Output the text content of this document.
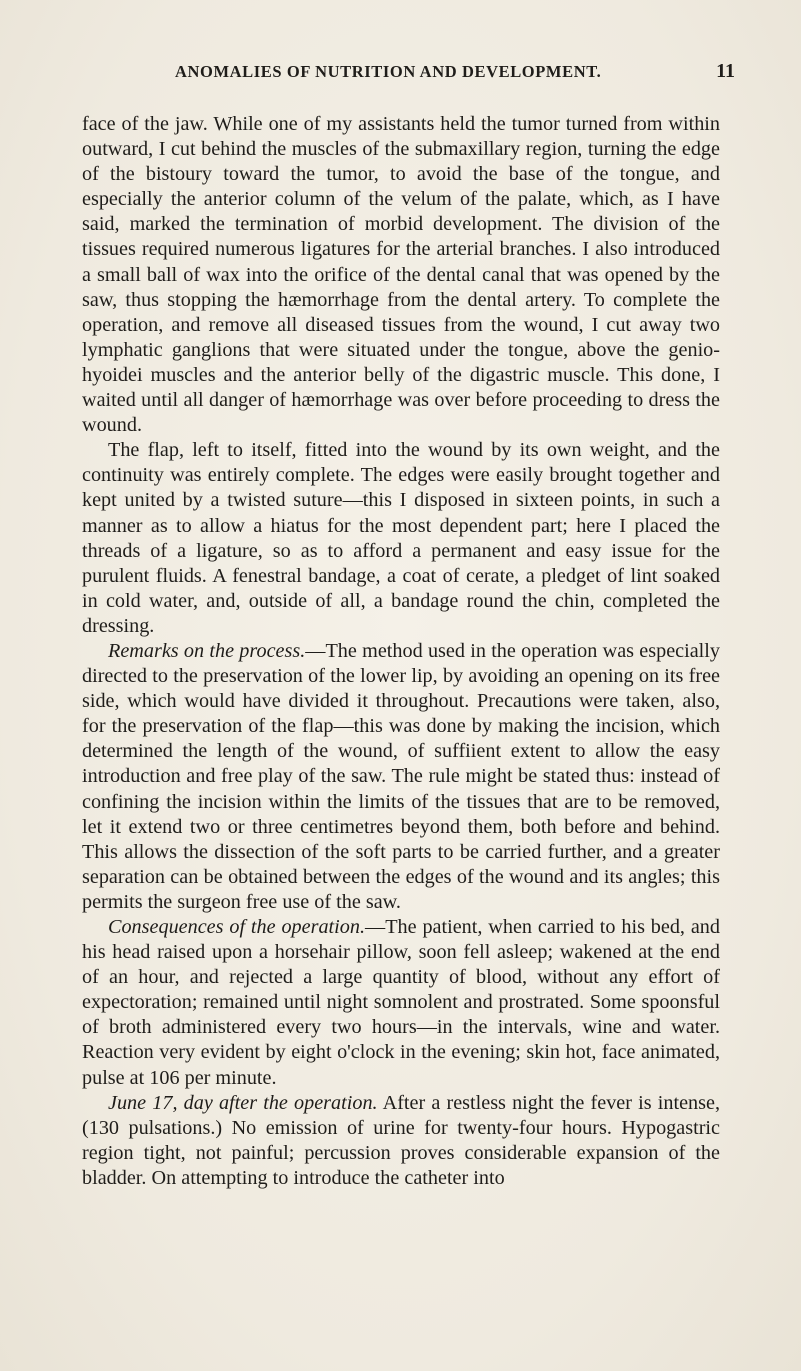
ANOMALIES OF NUTRITION AND DEVELOPMENT.	11

face of the jaw. While one of my assistants held the tumor turned from within outward, I cut behind the muscles of the submaxillary region, turning the edge of the bistoury toward the tumor, to avoid the base of the tongue, and especially the anterior column of the velum of the palate, which, as I have said, marked the termination of morbid development. The division of the tissues required numerous ligatures for the arterial branches. I also introduced a small ball of wax into the orifice of the dental canal that was opened by the saw, thus stopping the hæmorrhage from the dental artery. To complete the operation, and remove all diseased tissues from the wound, I cut away two lymphatic ganglions that were situated under the tongue, above the genio-hyoidei muscles and the anterior belly of the digastric muscle. This done, I waited until all danger of hæmorrhage was over before proceeding to dress the wound.

The flap, left to itself, fitted into the wound by its own weight, and the continuity was entirely complete. The edges were easily brought together and kept united by a twisted suture—this I disposed in sixteen points, in such a manner as to allow a hiatus for the most dependent part; here I placed the threads of a ligature, so as to afford a permanent and easy issue for the purulent fluids. A fenestral bandage, a coat of cerate, a pledget of lint soaked in cold water, and, outside of all, a bandage round the chin, completed the dressing.

Remarks on the process.—The method used in the operation was especially directed to the preservation of the lower lip, by avoiding an opening on its free side, which would have divided it throughout. Precautions were taken, also, for the preservation of the flap—this was done by making the incision, which determined the length of the wound, of suffiient extent to allow the easy introduction and free play of the saw. The rule might be stated thus: instead of confining the incision within the limits of the tissues that are to be removed, let it extend two or three centimetres beyond them, both before and behind. This allows the dissection of the soft parts to be carried further, and a greater separation can be obtained between the edges of the wound and its angles; this permits the surgeon free use of the saw.

Consequences of the operation.—The patient, when carried to his bed, and his head raised upon a horsehair pillow, soon fell asleep; wakened at the end of an hour, and rejected a large quantity of blood, without any effort of expectoration; remained until night somnolent and prostrated. Some spoonsful of broth administered every two hours—in the intervals, wine and water. Reaction very evident by eight o'clock in the evening; skin hot, face animated, pulse at 106 per minute.

June 17, day after the operation. After a restless night the fever is intense, (130 pulsations.) No emission of urine for twenty-four hours. Hypogastric region tight, not painful; percussion proves considerable expansion of the bladder. On attempting to introduce the catheter into
